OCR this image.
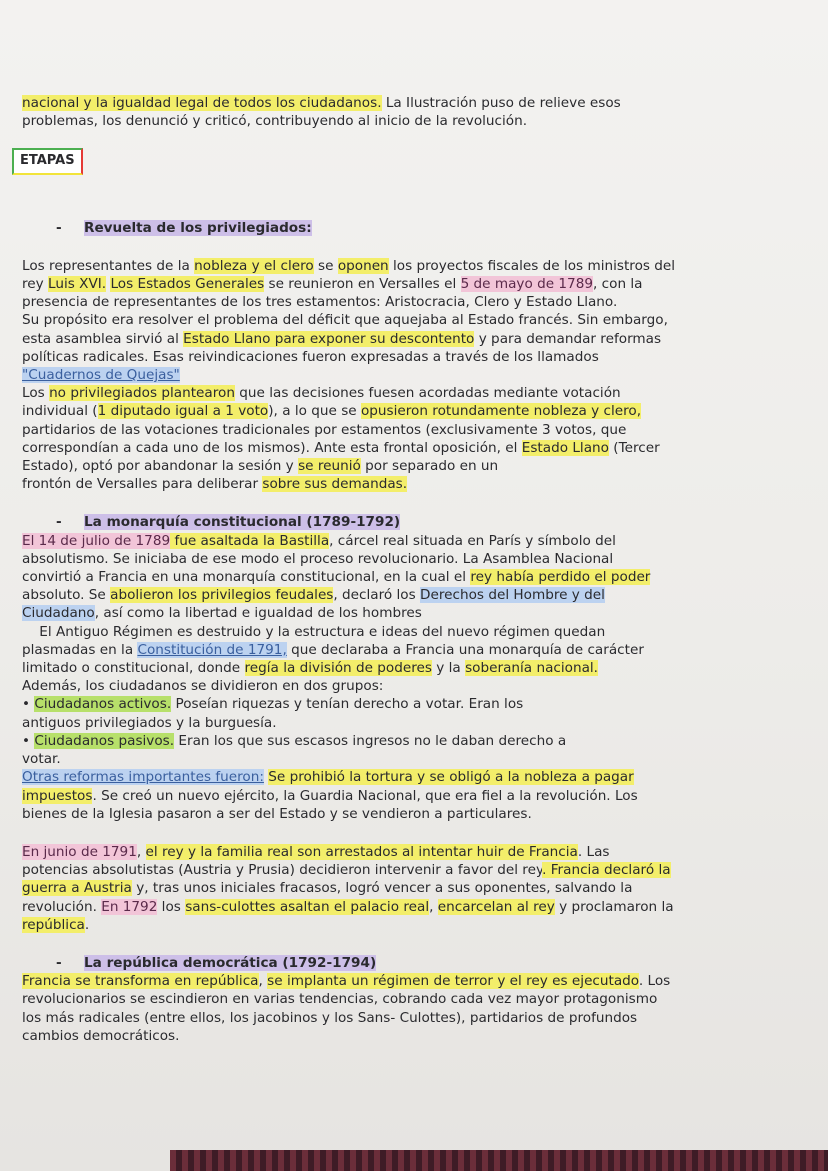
nacional y la igualdad legal de todos los ciudadanos. La Ilustración puso de relieve esos
problemas, los denunció y criticó, contribuyendo al inicio de la revolución.
ETAPAS
- Revuelta de los privilegiados:
Los representantes de la nobleza y el clero se oponen los proyectos fiscales de los ministros del
rey Luis XVI. Los Estados Generales se reunieron en Versalles el 5 de mayo de 1789, con la
presencia de representantes de los tres estamentos: Aristocracia, Clero y Estado Llano.
Su propósito era resolver el problema del déficit que aquejaba al Estado francés. Sin embargo,
esta asamblea sirvió al Estado Llano para exponer su descontento y para demandar reformas
políticas radicales. Esas reivindicaciones fueron expresadas a través de los llamados
"Cuadernos de Quejas"
Los no privilegiados plantearon que las decisiones fuesen acordadas mediante votación
individual (1 diputado igual a 1 voto), a lo que se opusieron rotundamente nobleza y clero,
partidarios de las votaciones tradicionales por estamentos (exclusivamente 3 votos, que
correspondían a cada uno de los mismos). Ante esta frontal oposición, el Estado Llano (Tercer
Estado), optó por abandonar la sesión y se reunió por separado en un
frontón de Versalles para deliberar sobre sus demandas.
- La monarquía constitucional (1789-1792)
El 14 de julio de 1789 fue asaltada la Bastilla, cárcel real situada en París y símbolo del
absolutismo. Se iniciaba de ese modo el proceso revolucionario. La Asamblea Nacional
convirtió a Francia en una monarquía constitucional, en la cual el rey había perdido el poder
absoluto. Se abolieron los privilegios feudales, declaró los Derechos del Hombre y del
Ciudadano, así como la libertad e igualdad de los hombres
El Antiguo Régimen es destruido y la estructura e ideas del nuevo régimen quedan
plasmadas en la Constitución de 1791, que declaraba a Francia una monarquía de carácter
limitado o constitucional, donde regía la división de poderes y la soberanía nacional.
Además, los ciudadanos se dividieron en dos grupos:
• Ciudadanos activos. Poseían riquezas y tenían derecho a votar. Eran los
antiguos privilegiados y la burguesía.
• Ciudadanos pasivos. Eran los que sus escasos ingresos no le daban derecho a
votar.
Otras reformas importantes fueron: Se prohibió la tortura y se obligó a la nobleza a pagar
impuestos. Se creó un nuevo ejército, la Guardia Nacional, que era fiel a la revolución. Los
bienes de la Iglesia pasaron a ser del Estado y se vendieron a particulares.
En junio de 1791, el rey y la familia real son arrestados al intentar huir de Francia. Las
potencias absolutistas (Austria y Prusia) decidieron intervenir a favor del rey. Francia declaró la
guerra a Austria y, tras unos iniciales fracasos, logró vencer a sus oponentes, salvando la
revolución. En 1792 los sans-culottes asaltan el palacio real, encarcelan al rey y proclamaron la
república.
- La república democrática (1792-1794)
Francia se transforma en república, se implanta un régimen de terror y el rey es ejecutado. Los
revolucionarios se escindieron en varias tendencias, cobrando cada vez mayor protagonismo
los más radicales (entre ellos, los jacobinos y los Sans- Culottes), partidarios de profundos
cambios democráticos.
